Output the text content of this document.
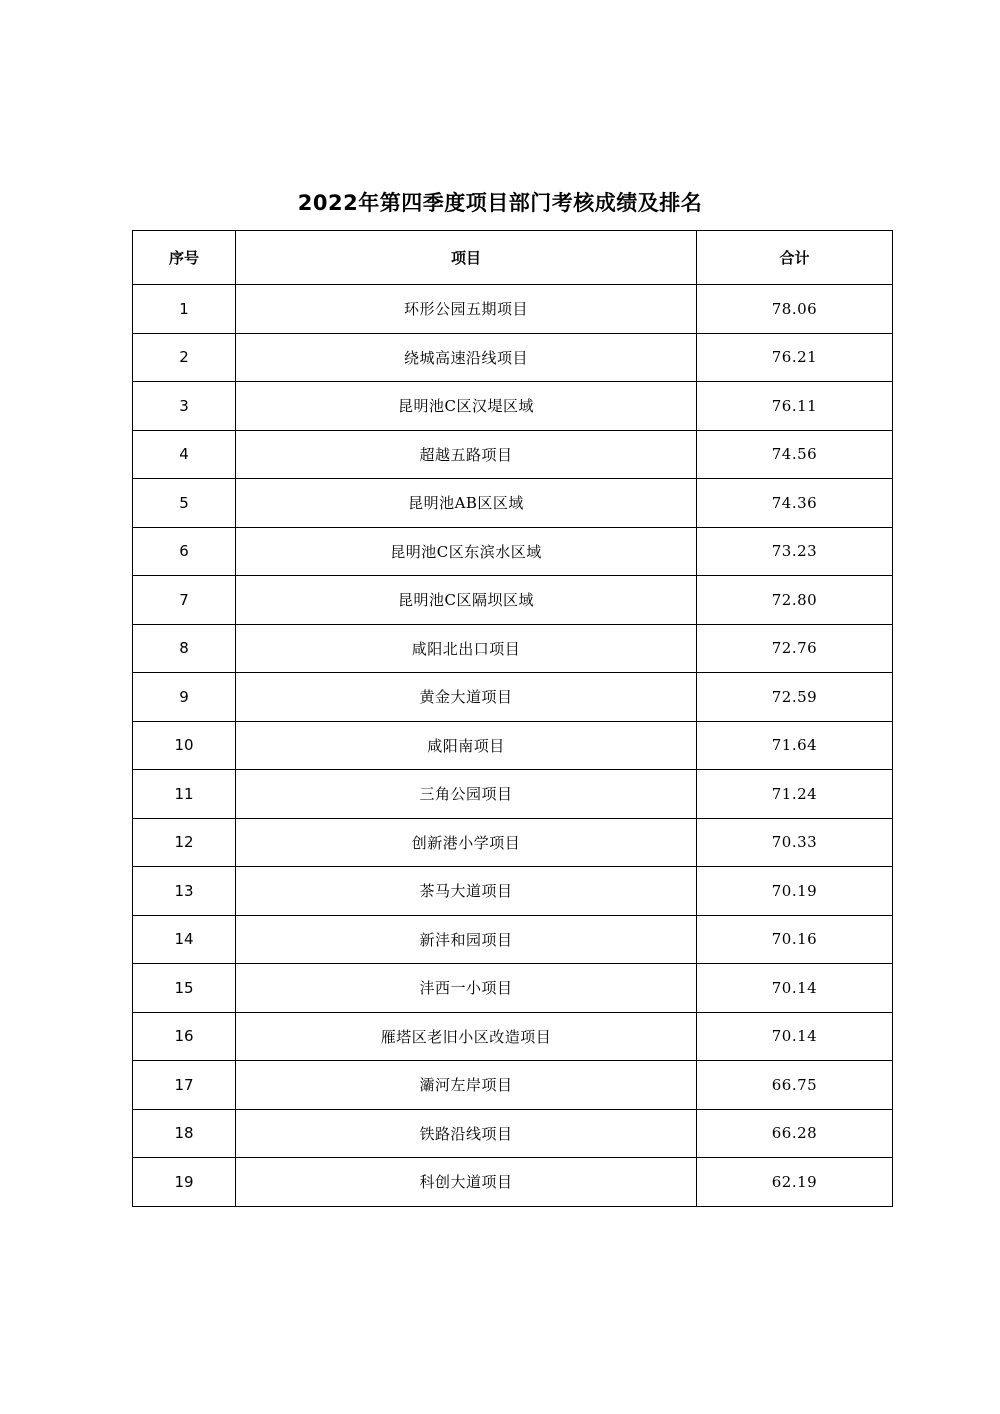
2022年第四季度项目部门考核成绩及排名
序号	项目	合计
1	环形公园五期项目	78.06
2	绕城高速沿线项目	76.21
3	昆明池C区汉堤区域	76.11
4	超越五路项目	74.56
5	昆明池AB区区域	74.36
6	昆明池C区东滨水区域	73.23
7	昆明池C区隔坝区域	72.80
8	咸阳北出口项目	72.76
9	黄金大道项目	72.59
10	咸阳南项目	71.64
11	三角公园项目	71.24
12	创新港小学项目	70.33
13	茶马大道项目	70.19
14	新沣和园项目	70.16
15	沣西一小项目	70.14
16	雁塔区老旧小区改造项目	70.14
17	灞河左岸项目	66.75
18	铁路沿线项目	66.28
19	科创大道项目	62.19
